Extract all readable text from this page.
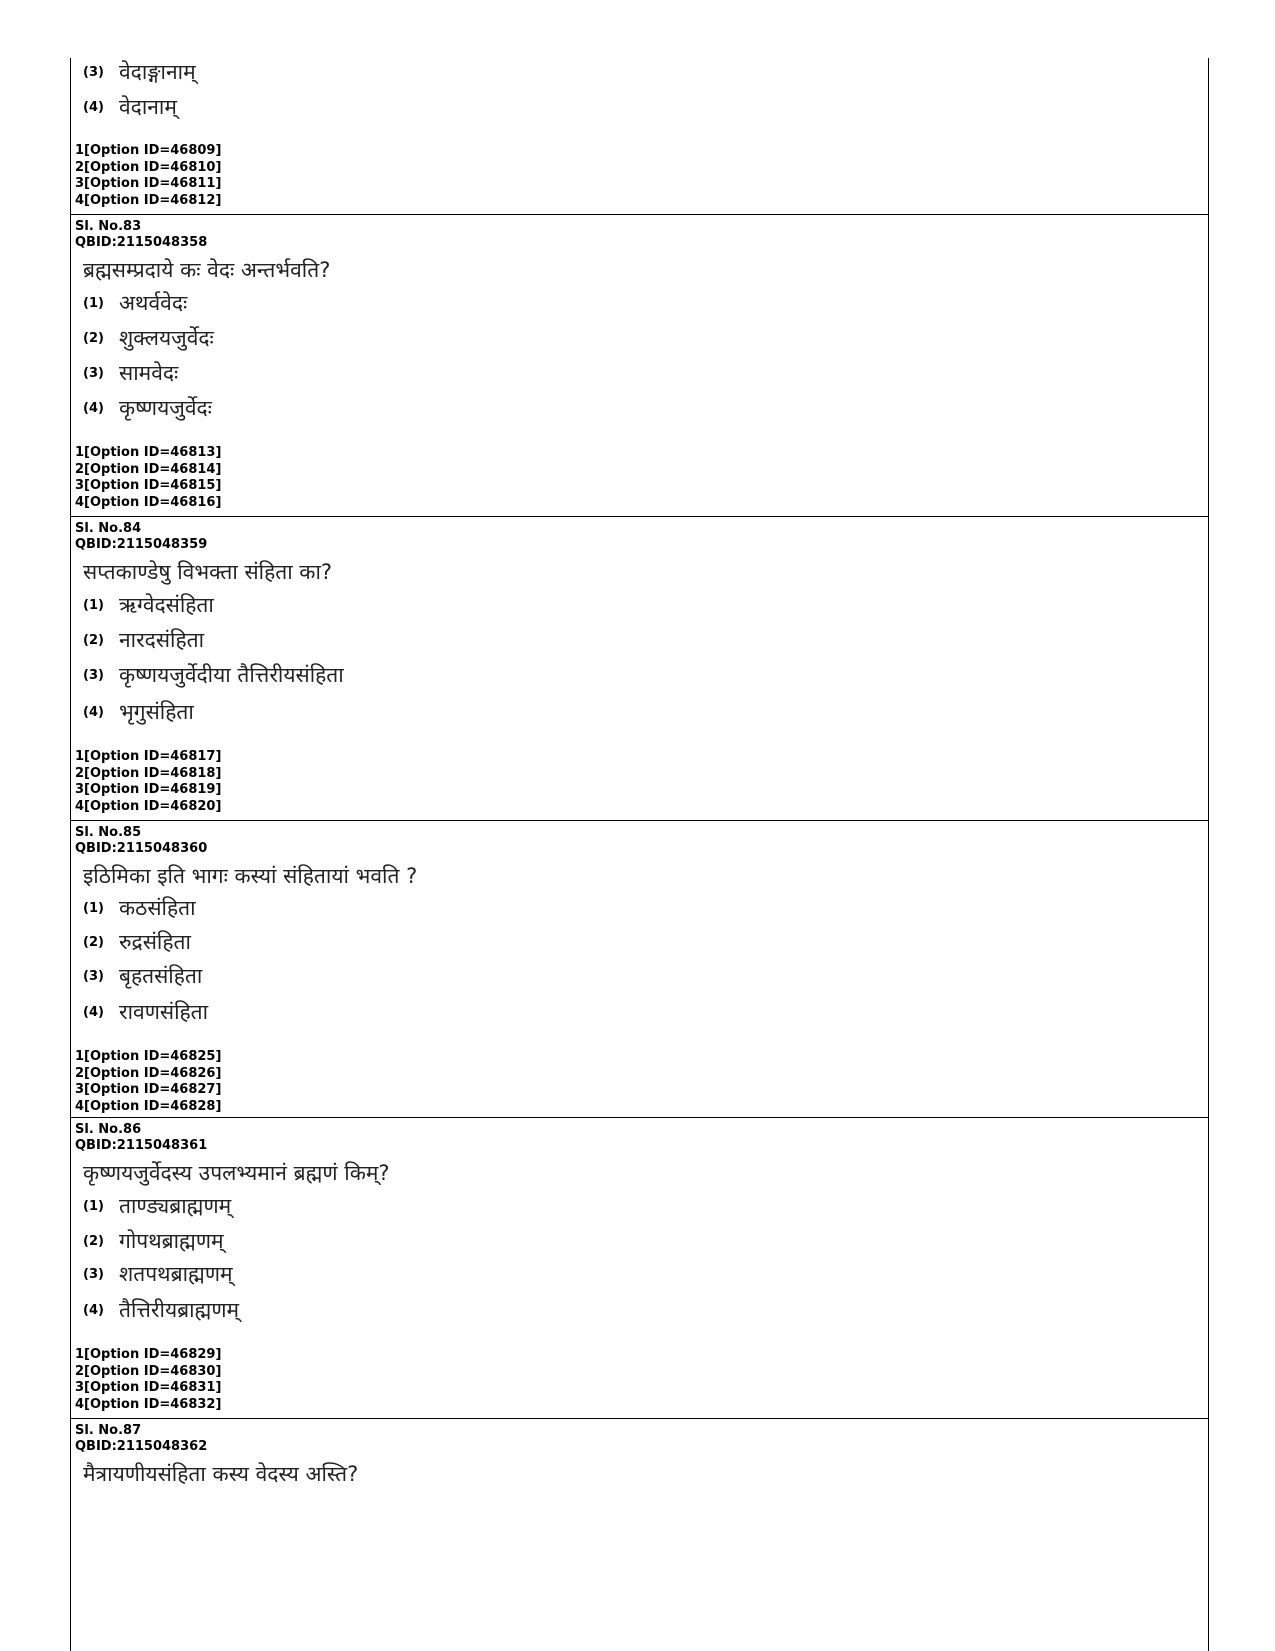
(3) वेदाङ्गानाम्
(4) वेदानाम्
1[Option ID=46809]
2[Option ID=46810]
3[Option ID=46811]
4[Option ID=46812]
Sl. No.83
QBID:2115048358
ब्रह्मसम्प्रदाये कः वेदः अन्तर्भवति?
(1) अथर्ववेदः
(2) शुक्लयजुर्वेदः
(3) सामवेदः
(4) कृष्णयजुर्वेदः
1[Option ID=46813]
2[Option ID=46814]
3[Option ID=46815]
4[Option ID=46816]
Sl. No.84
QBID:2115048359
सप्तकाण्डेषु विभक्ता संहिता का?
(1) ऋग्वेदसंहिता
(2) नारदसंहिता
(3) कृष्णयजुर्वेदीया तैत्तिरीयसंहिता
(4) भृगुसंहिता
1[Option ID=46817]
2[Option ID=46818]
3[Option ID=46819]
4[Option ID=46820]
Sl. No.85
QBID:2115048360
इठिमिका इति भागः कस्यां संहितायां भवति ?
(1) कठसंहिता
(2) रुद्रसंहिता
(3) बृहतसंहिता
(4) रावणसंहिता
1[Option ID=46825]
2[Option ID=46826]
3[Option ID=46827]
4[Option ID=46828]
Sl. No.86
QBID:2115048361
कृष्णयजुर्वेदस्य उपलभ्यमानं ब्रह्मणं किम्?
(1) ताण्ड्यब्राह्मणम्
(2) गोपथब्राह्मणम्
(3) शतपथब्राह्मणम्
(4) तैत्तिरीयब्राह्मणम्
1[Option ID=46829]
2[Option ID=46830]
3[Option ID=46831]
4[Option ID=46832]
Sl. No.87
QBID:2115048362
मैत्रायणीयसंहिता कस्य वेदस्य अस्ति?
